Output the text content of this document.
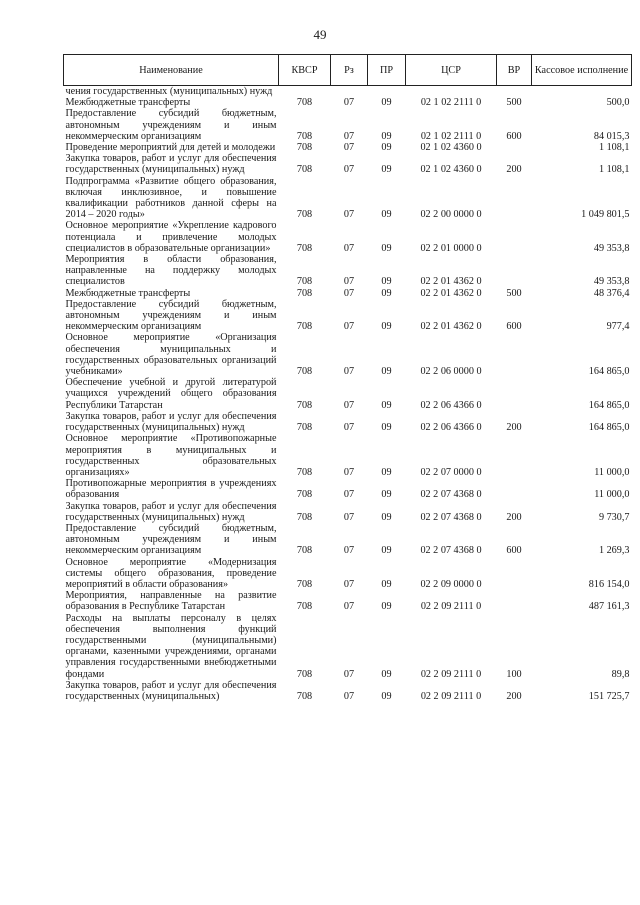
49
Наименование	КВСР	Рз	ПР	ЦСР	ВР	Кассовое исполнение
чения государственных (муниципальных) нужд						
Межбюджетные трансферты	708	07	09	02 1 02 2111 0	500	500,0
Предоставление субсидий бюджетным, автономным учреждениям и иным некоммерческим организациям	708	07	09	02 1 02 2111 0	600	84 015,3
Проведение мероприятий для детей и молодежи	708	07	09	02 1 02 4360 0		1 108,1
Закупка товаров, работ и услуг для обеспечения государственных (муниципальных) нужд	708	07	09	02 1 02 4360 0	200	1 108,1
Подпрограмма «Развитие общего образования, включая инклюзивное, и повышение квалификации работников данной сферы на 2014 – 2020 годы»	708	07	09	02 2 00 0000 0		1 049 801,5
Основное мероприятие «Укрепление кадрового потенциала и привлечение молодых специалистов в образовательные организации»	708	07	09	02 2 01 0000 0		49 353,8
Мероприятия в области образования, направленные на поддержку молодых специалистов	708	07	09	02 2 01 4362 0		49 353,8
Межбюджетные трансферты	708	07	09	02 2 01 4362 0	500	48 376,4
Предоставление субсидий бюджетным, автономным учреждениям и иным некоммерческим организациям	708	07	09	02 2 01 4362 0	600	977,4
Основное мероприятие «Организация обеспечения муниципальных и государственных образовательных организаций учебниками»	708	07	09	02 2 06 0000 0		164 865,0
Обеспечение учебной и другой литературой учащихся учреждений общего образования Республики Татарстан	708	07	09	02 2 06 4366 0		164 865,0
Закупка товаров, работ и услуг для обеспечения государственных (муниципальных) нужд	708	07	09	02 2 06 4366 0	200	164 865,0
Основное мероприятие «Противопожарные мероприятия в муниципальных и государственных образовательных организациях»	708	07	09	02 2 07 0000 0		11 000,0
Противопожарные мероприятия в учреждениях образования	708	07	09	02 2 07 4368 0		11 000,0
Закупка товаров, работ и услуг для обеспечения государственных (муниципальных) нужд	708	07	09	02 2 07 4368 0	200	9 730,7
Предоставление субсидий бюджетным, автономным учреждениям и иным некоммерческим организациям	708	07	09	02 2 07 4368 0	600	1 269,3
Основное мероприятие «Модернизация системы общего образования, проведение мероприятий в области образования»	708	07	09	02 2 09 0000 0		816 154,0
Мероприятия, направленные на развитие образования в Республике Татарстан	708	07	09	02 2 09 2111 0		487 161,3
Расходы на выплаты персоналу в целях обеспечения выполнения функций государственными (муниципальными) органами, казенными учреждениями, органами управления государственными внебюджетными фондами	708	07	09	02 2 09 2111 0	100	89,8
Закупка товаров, работ и услуг для обеспечения государственных (муниципальных)	708	07	09	02 2 09 2111 0	200	151 725,7
